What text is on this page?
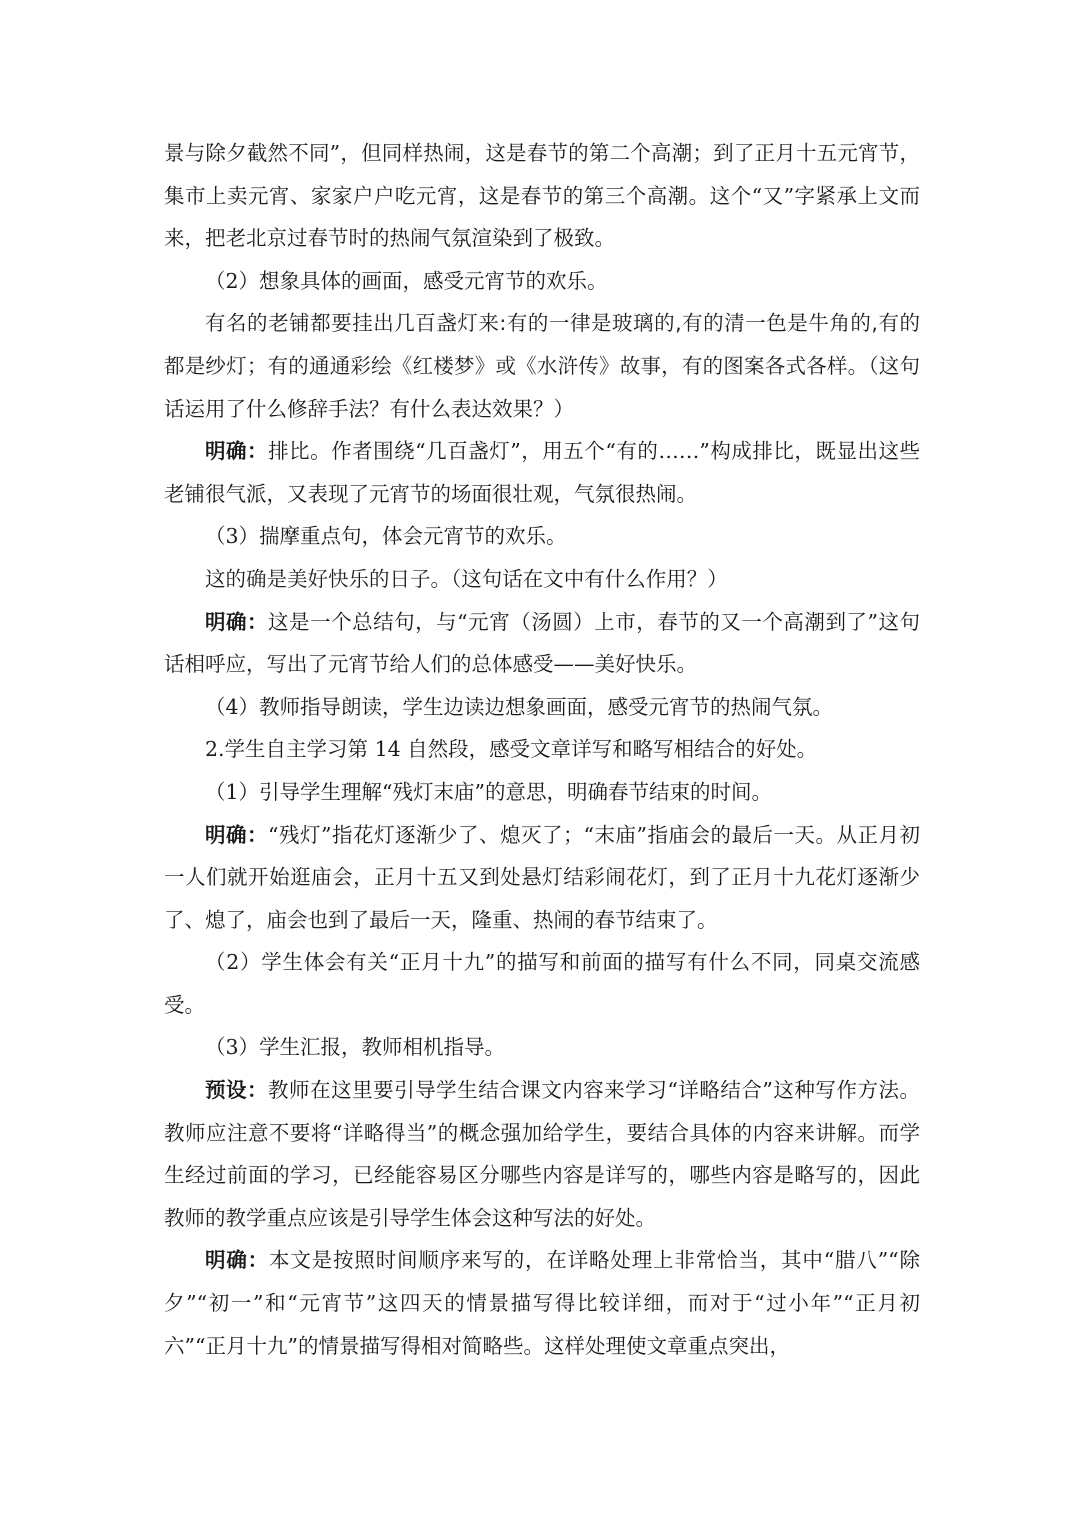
景与除夕截然不同”，但同样热闹，这是春节的第二个高潮；到了正月十五元宵节，集市上卖元宵、家家户户吃元宵，这是春节的第三个高潮。这个“又”字紧承上文而来，把老北京过春节时的热闹气氛渲染到了极致。

（2）想象具体的画面，感受元宵节的欢乐。

有名的老铺都要挂出几百盏灯来:有的一律是玻璃的,有的清一色是牛角的,有的都是纱灯；有的通通彩绘《红楼梦》或《水浒传》故事，有的图案各式各样。（这句话运用了什么修辞手法？有什么表达效果？）

明确：排比。作者围绕“几百盏灯”，用五个“有的……”构成排比，既显出这些老铺很气派，又表现了元宵节的场面很壮观，气氛很热闹。

（3）揣摩重点句，体会元宵节的欢乐。

这的确是美好快乐的日子。（这句话在文中有什么作用？）

明确：这是一个总结句，与“元宵（汤圆）上市，春节的又一个高潮到了”这句话相呼应，写出了元宵节给人们的总体感受——美好快乐。

（4）教师指导朗读，学生边读边想象画面，感受元宵节的热闹气氛。

2.学生自主学习第 14 自然段，感受文章详写和略写相结合的好处。

（1）引导学生理解“残灯末庙”的意思，明确春节结束的时间。

明确：“残灯”指花灯逐渐少了、熄灭了；“末庙”指庙会的最后一天。从正月初一人们就开始逛庙会，正月十五又到处悬灯结彩闹花灯，到了正月十九花灯逐渐少了、熄了，庙会也到了最后一天，隆重、热闹的春节结束了。

（2）学生体会有关“正月十九”的描写和前面的描写有什么不同，同桌交流感受。

（3）学生汇报，教师相机指导。

预设：教师在这里要引导学生结合课文内容来学习“详略结合”这种写作方法。教师应注意不要将“详略得当”的概念强加给学生，要结合具体的内容来讲解。而学生经过前面的学习，已经能容易区分哪些内容是详写的，哪些内容是略写的，因此教师的教学重点应该是引导学生体会这种写法的好处。

明确：本文是按照时间顺序来写的，在详略处理上非常恰当，其中“腊八”“除夕”“初一”和“元宵节”这四天的情景描写得比较详细，而对于“过小年”“正月初六”“正月十九”的情景描写得相对简略些。这样处理使文章重点突出，
